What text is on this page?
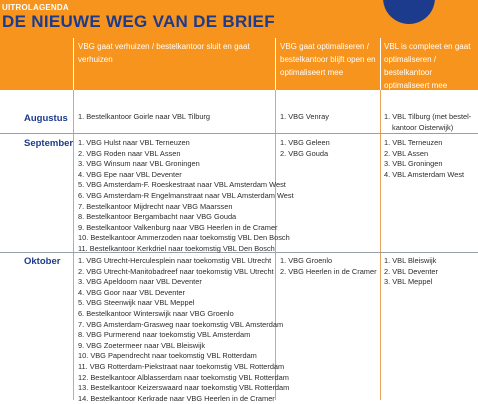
UITROLAGENDA
DE NIEUWE WEG VAN DE BRIEF
VBG gaat verhuizen / bestelkantoor sluit en gaat verhuizen
VBG gaat optimaliseren / bestelkantoor blijft open en optimaliseert mee
VBL is compleet en gaat optimaliseren / bestelkantoor optimaliseert mee
Augustus 1. Bestelkantoor Goirle naar VBL Tilburg	1. VBG Venray	1. VBL Tilburg (met bestel-
kantoor Oisterwijk)
September 1. VBG Hulst naar VBL Terneuzen
2. VBG Roden naar VBL Assen
3. VBG Winsum naar VBL Groningen
4. VBG Epe naar VBL Deventer
5. VBG Amsterdam-F. Roeskestraat naar VBL Amsterdam West
6. VBG Amsterdam-R Engelmanstraat naar VBL Amsterdam West
7. Bestelkantoor Mijdrecht naar VBG Maarssen
8. Bestelkantoor Bergambacht naar VBG Gouda
9. Bestelkantoor Valkenburg naar VBG Heerlen in de Cramer
10. Bestelkantoor Ammerzoden naar toekomstig VBL Den Bosch
11. Bestelkantoor Kerkdriel naar toekomstig VBL Den Bosch
1. VBG Geleen
2. VBG Gouda
1. VBL Terneuzen
2. VBL Assen
3. VBL Groningen
4. VBL Amsterdam West
Oktober 1. VBG Utrecht-Herculesplein naar toekomstig VBL Utrecht
2. VBG Utrecht-Manitobadreef naar toekomstig VBL Utrecht
3. VBG Apeldoorn naar VBL Deventer
4. VBG Goor naar VBL Deventer
5. VBG Steenwijk naar VBL Meppel
6. Bestelkantoor Winterswijk naar VBG Groenlo
7. VBG Amsterdam-Grasweg naar toekomstig VBL Amsterdam
8. VBG Purmerend naar toekomstig VBL Amsterdam
9. VBG Zoetermeer naar VBL Bleiswijk
10. VBG Papendrecht naar toekomstig VBL Rotterdam
11. VBG Rotterdam-Piekstraat naar toekomstig VBL Rotterdam
12. Bestelkantoor Alblasserdam naar toekomstig VBL Rotterdam
13. Bestelkantoor Keizerswaard naar toekomstig VBL Rotterdam
14. Bestelkantoor Kerkrade naar VBG Heerlen in de Cramer
1. VBG Groenlo
2. VBG Heerlen in de Cramer
1. VBL Bleiswijk
2. VBL Deventer
3. VBL Meppel
